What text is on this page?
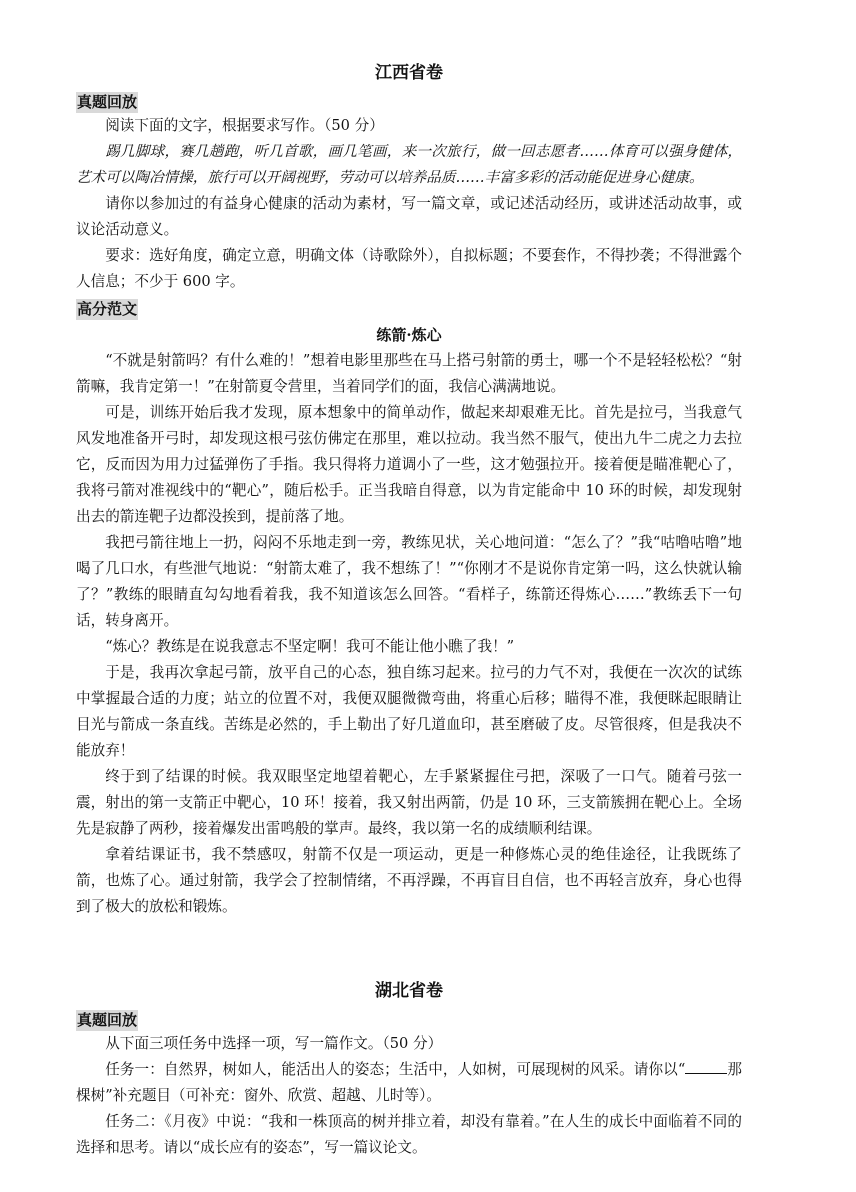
江西省卷
真题回放

阅读下面的文字，根据要求写作。（50 分）

踢几脚球，赛几趟跑，听几首歌，画几笔画，来一次旅行，做一回志愿者……体育可以强身健体，艺术可以陶冶情操，旅行可以开阔视野，劳动可以培养品质……丰富多彩的活动能促进身心健康。

请你以参加过的有益身心健康的活动为素材，写一篇文章，或记述活动经历，或讲述活动故事，或议论活动意义。

要求：选好角度，确定立意，明确文体（诗歌除外），自拟标题；不要套作，不得抄袭；不得泄露个人信息；不少于 600 字。

高分范文
练箭·炼心

“不就是射箭吗？有什么难的！”想着电影里那些在马上搭弓射箭的勇士，哪一个不是轻轻松松？“射箭嘛，我肯定第一！”在射箭夏令营里，当着同学们的面，我信心满满地说。

可是，训练开始后我才发现，原本想象中的简单动作，做起来却艰难无比。首先是拉弓，当我意气风发地准备开弓时，却发现这根弓弦仿佛定在那里，难以拉动。我当然不服气，使出九牛二虎之力去拉它，反而因为用力过猛弹伤了手指。我只得将力道调小了一些，这才勉强拉开。接着便是瞄准靶心了，我将弓箭对准视线中的“靶心”，随后松手。正当我暗自得意，以为肯定能命中 10 环的时候，却发现射出去的箭连靶子边都没挨到，提前落了地。

我把弓箭往地上一扔，闷闷不乐地走到一旁，教练见状，关心地问道：“怎么了？”我“咕噜咕噜”地喝了几口水，有些泄气地说：“射箭太难了，我不想练了！”“你刚才不是说你肯定第一吗，这么快就认输了？”教练的眼睛直勾勾地看着我，我不知道该怎么回答。“看样子，练箭还得炼心……”教练丢下一句话，转身离开。

“炼心？教练是在说我意志不坚定啊！我可不能让他小瞧了我！”

于是，我再次拿起弓箭，放平自己的心态，独自练习起来。拉弓的力气不对，我便在一次次的试练中掌握最合适的力度；站立的位置不对，我便双腿微微弯曲，将重心后移；瞄得不准，我便眯起眼睛让目光与箭成一条直线。苦练是必然的，手上勒出了好几道血印，甚至磨破了皮。尽管很疼，但是我决不能放弃！

终于到了结课的时候。我双眼坚定地望着靶心，左手紧紧握住弓把，深吸了一口气。随着弓弦一震，射出的第一支箭正中靶心，10 环！接着，我又射出两箭，仍是 10 环，三支箭簇拥在靶心上。全场先是寂静了两秒，接着爆发出雷鸣般的掌声。最终，我以第一名的成绩顺利结课。

拿着结课证书，我不禁感叹，射箭不仅是一项运动，更是一种修炼心灵的绝佳途径，让我既练了箭，也炼了心。通过射箭，我学会了控制情绪，不再浮躁，不再盲目自信，也不再轻言放弃，身心也得到了极大的放松和锻炼。

湖北省卷
真题回放

从下面三项任务中选择一项，写一篇作文。（50 分）

任务一：自然界，树如人，能活出人的姿态；生活中，人如树，可展现树的风采。请你以“	那棵树”补充题目（可补充：窗外、欣赏、超越、儿时等）。

任务二：《月夜》中说：“我和一株顶高的树并排立着，却没有靠着。”在人生的成长中面临着不同的选择和思考。请以“成长应有的姿态”，写一篇议论文。
